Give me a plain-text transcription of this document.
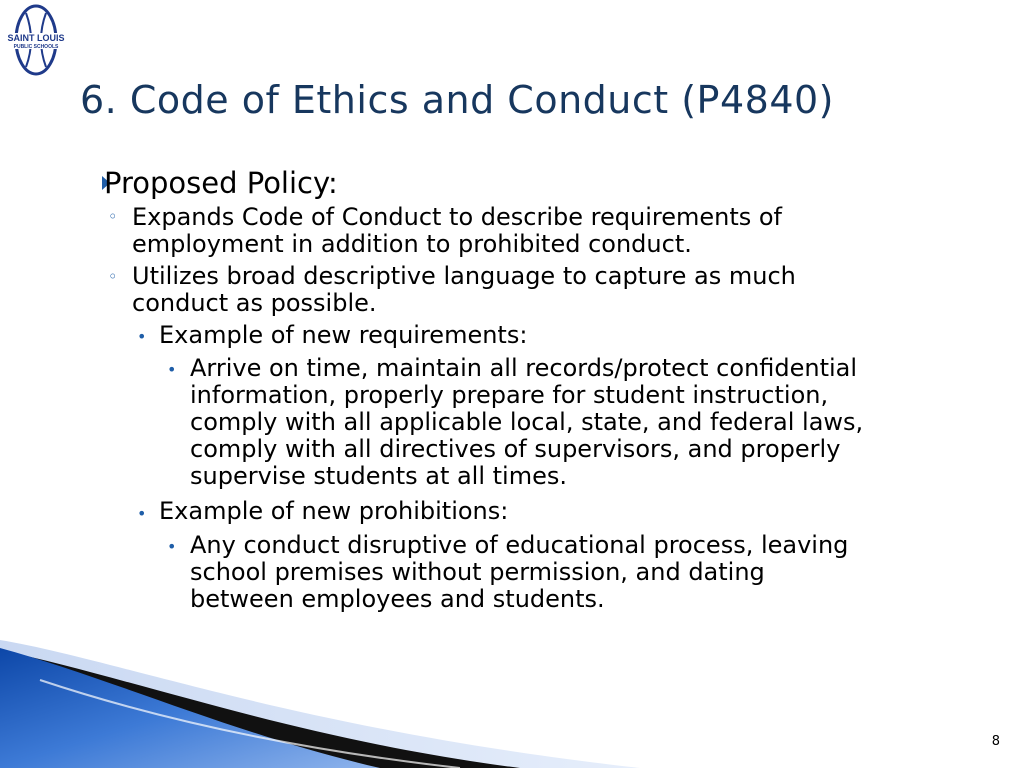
SAINT LOUIS
PUBLIC SCHOOLS
6. Code of Ethics and Conduct (P4840)
Proposed Policy:
◦ Expands Code of Conduct to describe requirements of
employment in addition to prohibited conduct.
◦ Utilizes broad descriptive language to capture as much
conduct as possible.
• Example of new requirements:
• Arrive on time, maintain all records/protect confidential
information, properly prepare for student instruction,
comply with all applicable local, state, and federal laws,
comply with all directives of supervisors, and properly
supervise students at all times.
• Example of new prohibitions:
• Any conduct disruptive of educational process, leaving
school premises without permission, and dating
between employees and students.
8
